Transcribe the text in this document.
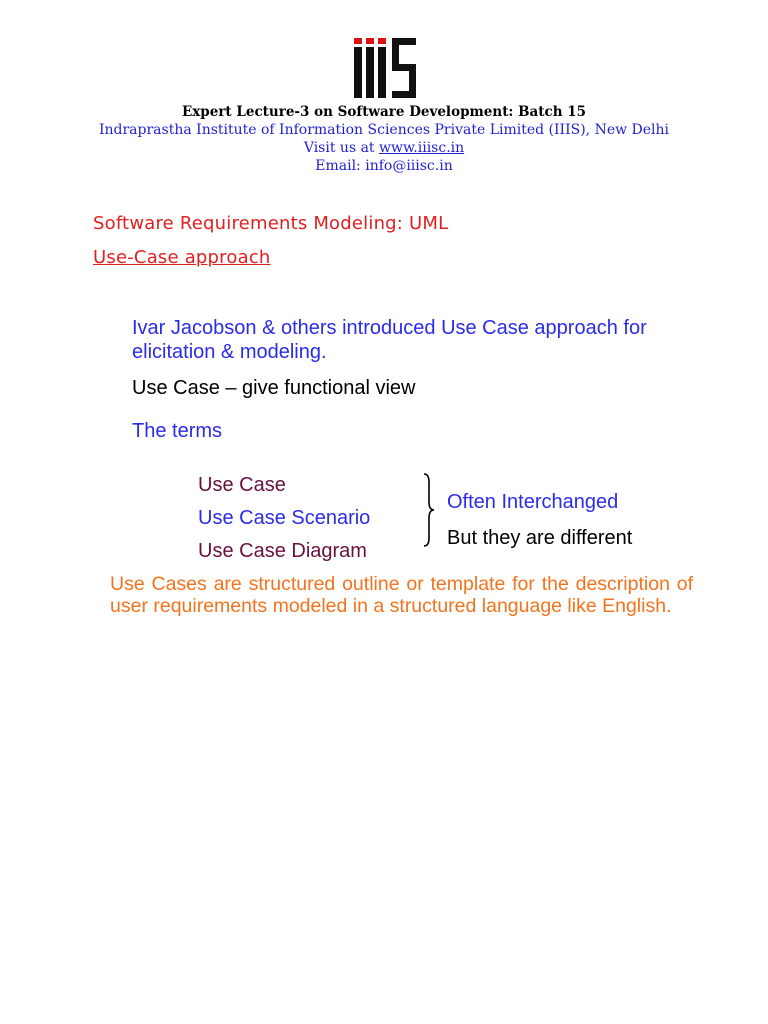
Expert Lecture-3 on Software Development: Batch 15
Indraprastha Institute of Information Sciences Private Limited (IIIS), New Delhi
Visit us at www.iiisc.in
Email: info@iiisc.in
Software Requirements Modeling: UML
Use-Case approach
Ivar Jacobson & others introduced Use Case approach for elicitation & modeling.
Use Case – give functional view
The terms
Use Case
Use Case Scenario
Use Case Diagram
Often Interchanged
But they are different
Use Cases are structured outline or template for the description of user requirements modeled in a structured language like English.
